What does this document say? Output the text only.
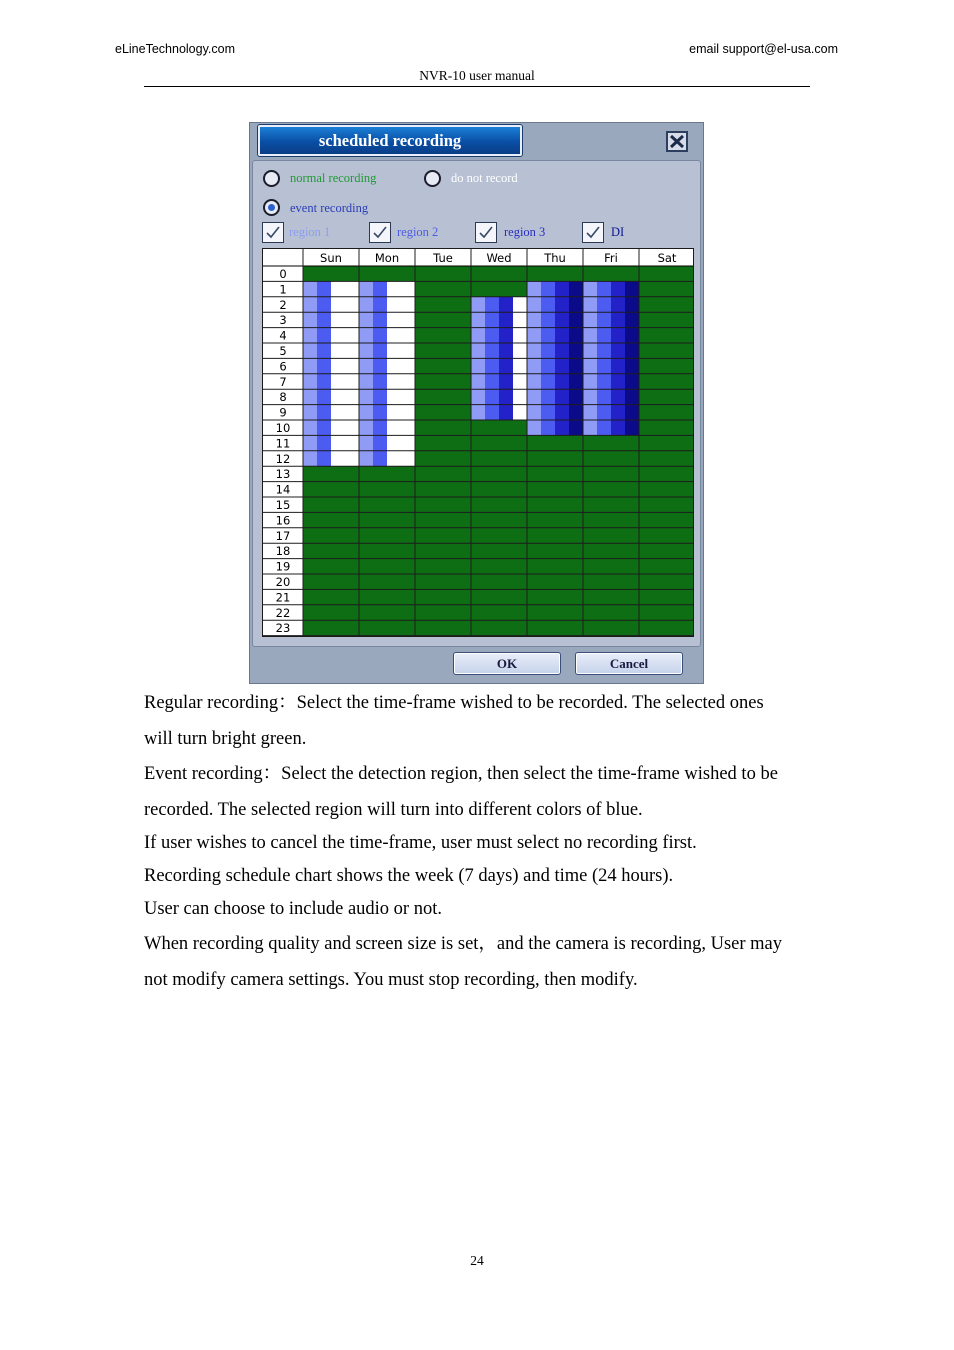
eLineTechnology.com	email support@el-usa.com
NVR-10 user manual
scheduled recording
normal recording	do not record
event recording
region 1	region 2	region 3	DI
Sun	Mon	Tue	Wed	Thu	Fri	Sat
0
1
2
3
4
5
6
7
8
9
10
11
12
13
14
15
16
17
18
19
20
21
22
23
OK	Cancel
Regular recording：Select the time-frame wished to be recorded. The selected ones
will turn bright green.
Event recording：Select the detection region, then select the time-frame wished to be
recorded. The selected region will turn into different colors of blue.
If user wishes to cancel the time-frame, user must select no recording first.
Recording schedule chart shows the week (7 days) and time (24 hours).
User can choose to include audio or not.
When recording quality and screen size is set，and the camera is recording, User may
not modify camera settings. You must stop recording, then modify.
24
